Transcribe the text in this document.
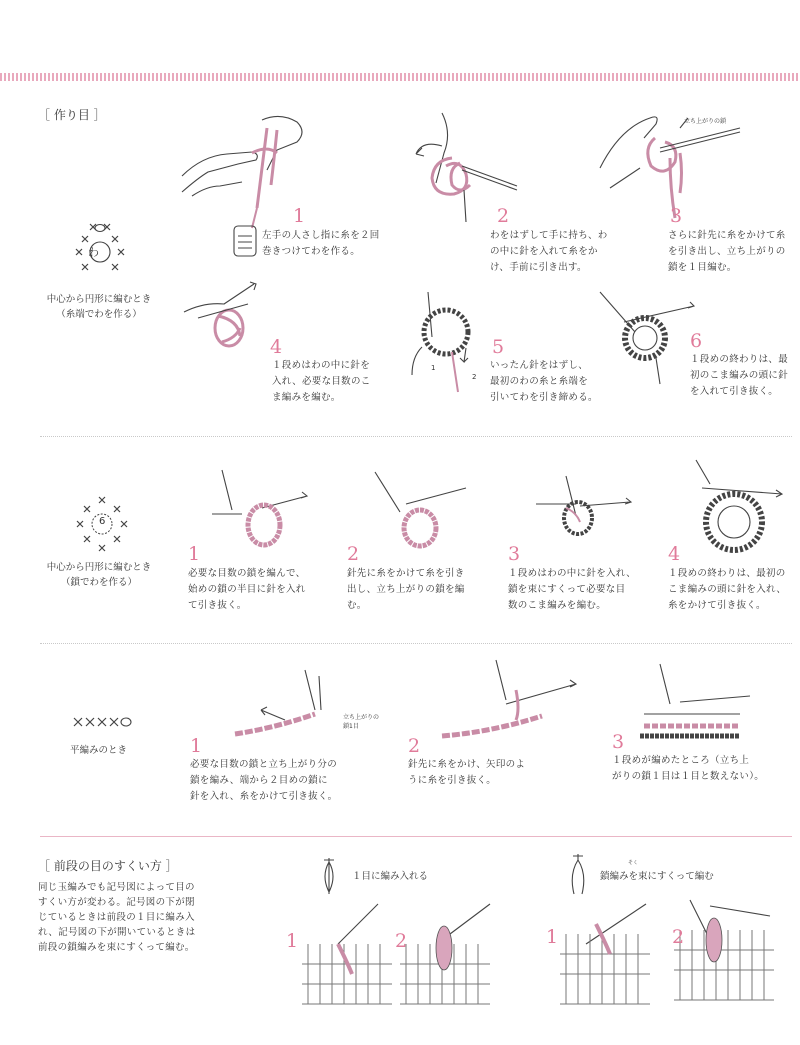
［ 作り目 ］
わ
中心から円形に編むとき
（糸端でわを作る）
1
左手の人さし指に糸を２回
巻きつけてわを作る。
2
わをはずして手に持ち、わ
の中に針を入れて糸をか
け、手前に引き出す。
立ち上がりの鎖
3
さらに針先に糸をかけて糸
を引き出し、立ち上がりの
鎖を１目編む。
4
１段めはわの中に針を
入れ、必要な目数のこ
ま編みを編む。
1
2
5
いったん針をはずし、
最初のわの糸と糸端を
引いてわを引き締める。
6
１段めの終わりは、最
初のこま編みの頭に針
を入れて引き抜く。
6
中心から円形に編むとき
（鎖でわを作る）
1
必要な目数の鎖を編んで、
始めの鎖の半目に針を入れ
て引き抜く。
2
針先に糸をかけて糸を引き
出し、立ち上がりの鎖を編
む。
3
１段めはわの中に針を入れ、
鎖を束にすくって必要な目
数のこま編みを編む。
4
１段めの終わりは、最初の
こま編みの頭に針を入れ、
糸をかけて引き抜く。
平編みのとき
立ち上がりの
鎖1目
1
必要な目数の鎖と立ち上がり分の
鎖を編み、端から２目めの鎖に
針を入れ、糸をかけて引き抜く。
2
針先に糸をかけ、矢印のよ
うに糸を引き抜く。
3
１段めが編めたところ（立ち上
がりの鎖１目は１目と数えない）。
［ 前段の目のすくい方 ］
同じ玉編みでも記号図によって目の
すくい方が変わる。記号図の下が閉
じているときは前段の１目に編み入
れ、記号図の下が開いているときは
前段の鎖編みを束にすくって編む。
１目に編み入れる
そく
鎖編みを束にすくって編む
1	2	1	2
